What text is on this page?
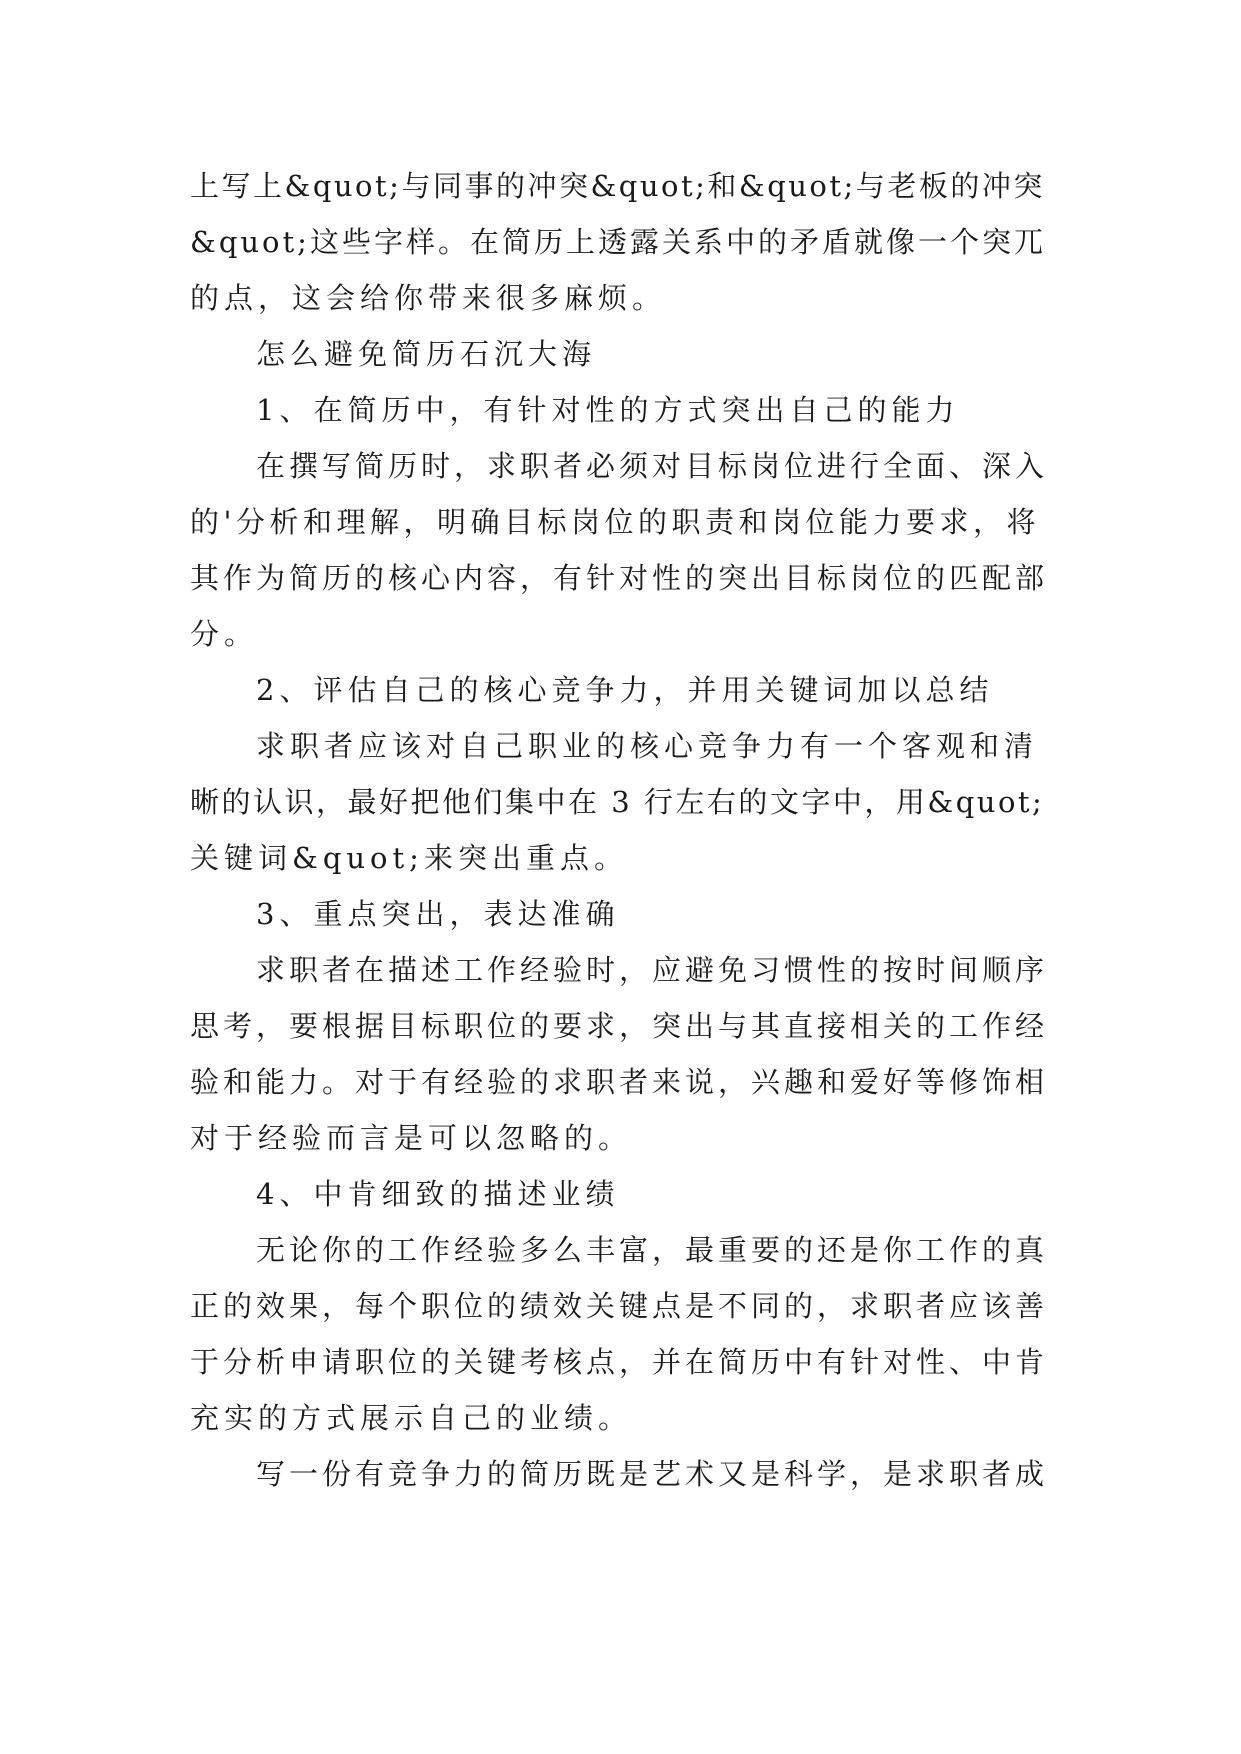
上写上&quot;与同事的冲突&quot;和&quot;与老板的冲突
&quot;这些字样。在简历上透露关系中的矛盾就像一个突兀
的点，这会给你带来很多麻烦。
怎么避免简历石沉大海
1、在简历中，有针对性的方式突出自己的能力
在撰写简历时，求职者必须对目标岗位进行全面、深入
的'分析和理解，明确目标岗位的职责和岗位能力要求，将
其作为简历的核心内容，有针对性的突出目标岗位的匹配部
分。
2、评估自己的核心竞争力，并用关键词加以总结
求职者应该对自己职业的核心竞争力有一个客观和清
晰的认识，最好把他们集中在 3 行左右的文字中，用&quot;
关键词&quot;来突出重点。
3、重点突出，表达准确
求职者在描述工作经验时，应避免习惯性的按时间顺序
思考，要根据目标职位的要求，突出与其直接相关的工作经
验和能力。对于有经验的求职者来说，兴趣和爱好等修饰相
对于经验而言是可以忽略的。
4、中肯细致的描述业绩
无论你的工作经验多么丰富，最重要的还是你工作的真
正的效果，每个职位的绩效关键点是不同的，求职者应该善
于分析申请职位的关键考核点，并在简历中有针对性、中肯
充实的方式展示自己的业绩。
写一份有竞争力的简历既是艺术又是科学，是求职者成
